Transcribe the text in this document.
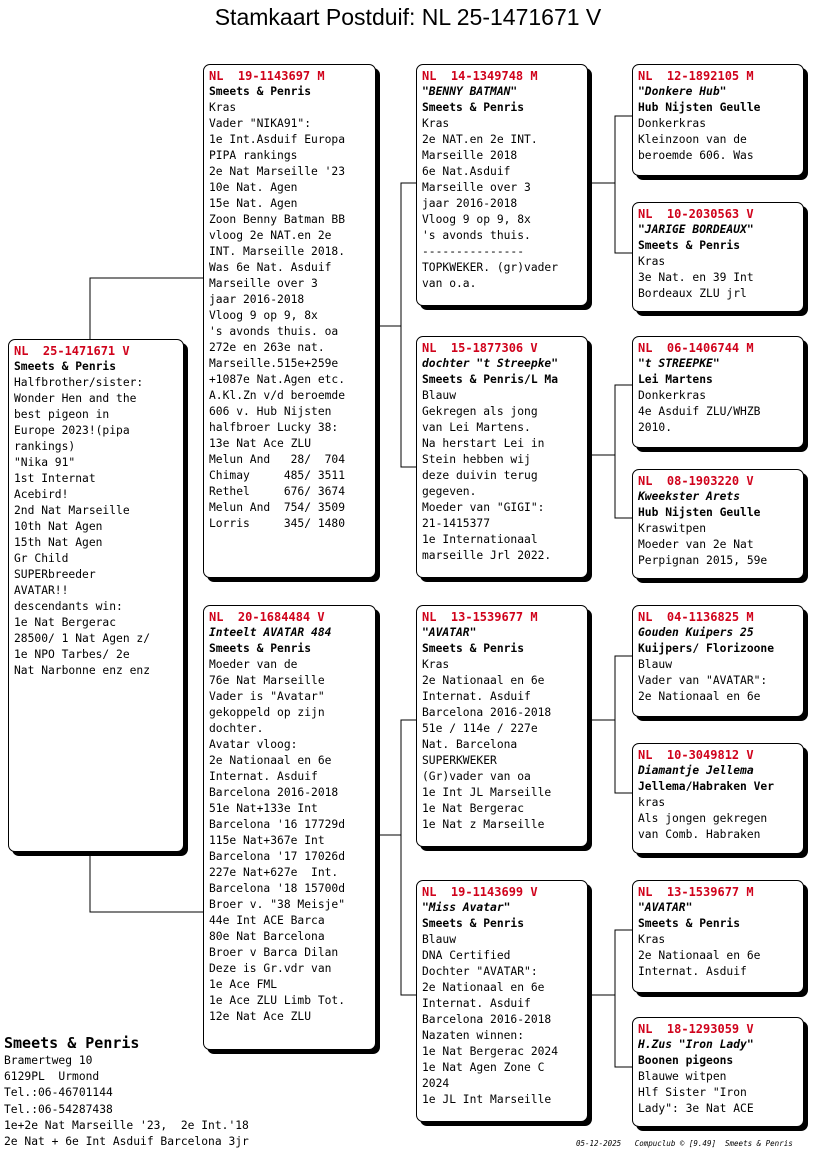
Stamkaart Postduif: NL 25-1471671 V
NL  25-1471671 V
Smeets & Penris
Halfbrother/sister:
Wonder Hen and the
best pigeon in
Europe 2023!(pipa
rankings)
"Nika 91"
1st Internat
Acebird!
2nd Nat Marseille
10th Nat Agen
15th Nat Agen
Gr Child
SUPERbreeder
AVATAR!!
descendants win:
1e Nat Bergerac
28500/ 1 Nat Agen z/
1e NPO Tarbes/ 2e
Nat Narbonne enz enz
NL  19-1143697 M
Smeets & Penris
Kras
Vader "NIKA91":
1e Int.Asduif Europa
PIPA rankings
2e Nat Marseille '23
10e Nat. Agen
15e Nat. Agen
Zoon Benny Batman BB
vloog 2e NAT.en 2e
INT. Marseille 2018.
Was 6e Nat. Asduif
Marseille over 3
jaar 2016-2018
Vloog 9 op 9, 8x
's avonds thuis. oa
272e en 263e nat.
Marseille.515e+259e
+1087e Nat.Agen etc.
A.Kl.Zn v/d beroemde
606 v. Hub Nijsten
halfbroer Lucky 38:
13e Nat Ace ZLU
Melun And   28/  704
Chimay     485/ 3511
Rethel     676/ 3674
Melun And  754/ 3509
Lorris     345/ 1480
NL  20-1684484 V
Inteelt AVATAR 484
Smeets & Penris
Moeder van de
76e Nat Marseille
Vader is "Avatar"
gekoppeld op zijn
dochter.
Avatar vloog:
2e Nationaal en 6e
Internat. Asduif
Barcelona 2016-2018
51e Nat+133e Int
Barcelona '16 17729d
115e Nat+367e Int
Barcelona '17 17026d
227e Nat+627e  Int.
Barcelona '18 15700d
Broer v. "38 Meisje"
44e Int ACE Barca
80e Nat Barcelona
Broer v Barca Dilan
Deze is Gr.vdr van
1e Ace FML
1e Ace ZLU Limb Tot.
12e Nat Ace ZLU
NL  14-1349748 M
"BENNY BATMAN"
Smeets & Penris
Kras
2e NAT.en 2e INT.
Marseille 2018
6e Nat.Asduif
Marseille over 3
jaar 2016-2018
Vloog 9 op 9, 8x
's avonds thuis.
---------------
TOPKWEKER. (gr)vader
van o.a.
NL  15-1877306 V
dochter "t Streepke"
Smeets & Penris/L Ma
Blauw
Gekregen als jong
van Lei Martens.
Na herstart Lei in
Stein hebben wij
deze duivin terug
gegeven.
Moeder van "GIGI":
21-1415377
1e Internationaal
marseille Jrl 2022.
NL  13-1539677 M
"AVATAR"
Smeets & Penris
Kras
2e Nationaal en 6e
Internat. Asduif
Barcelona 2016-2018
51e / 114e / 227e
Nat. Barcelona
SUPERKWEKER
(Gr)vader van oa
1e Int JL Marseille
1e Nat Bergerac
1e Nat z Marseille
NL  19-1143699 V
"Miss Avatar"
Smeets & Penris
Blauw
DNA Certified
Dochter "AVATAR":
2e Nationaal en 6e
Internat. Asduif
Barcelona 2016-2018
Nazaten winnen:
1e Nat Bergerac 2024
1e Nat Agen Zone C
2024
1e JL Int Marseille
NL  12-1892105 M
"Donkere Hub"
Hub Nijsten Geulle
Donkerkras
Kleinzoon van de
beroemde 606. Was
NL  10-2030563 V
"JARIGE BORDEAUX"
Smeets & Penris
Kras
3e Nat. en 39 Int
Bordeaux ZLU jrl
NL  06-1406744 M
"t STREEPKE"
Lei Martens
Donkerkras
4e Asduif ZLU/WHZB
2010.
NL  08-1903220 V
Kweekster Arets
Hub Nijsten Geulle
Kraswitpen
Moeder van 2e Nat
Perpignan 2015, 59e
NL  04-1136825 M
Gouden Kuipers 25
Kuijpers/ Florizoone
Blauw
Vader van "AVATAR":
2e Nationaal en 6e
NL  10-3049812 V
Diamantje Jellema
Jellema/Habraken Ver
kras
Als jongen gekregen
van Comb. Habraken
NL  13-1539677 M
"AVATAR"
Smeets & Penris
Kras
2e Nationaal en 6e
Internat. Asduif
NL  18-1293059 V
H.Zus "Iron Lady"
Boonen pigeons
Blauwe witpen
Hlf Sister "Iron
Lady": 3e Nat ACE
Smeets & Penris
Bramertweg 10
6129PL  Urmond
Tel.:06-46701144
Tel.:06-54287438
1e+2e Nat Marseille '23,  2e Int.'18
2e Nat + 6e Int Asduif Barcelona 3jr	05-12-2025   Compuclub © [9.49]  Smeets & Penris
